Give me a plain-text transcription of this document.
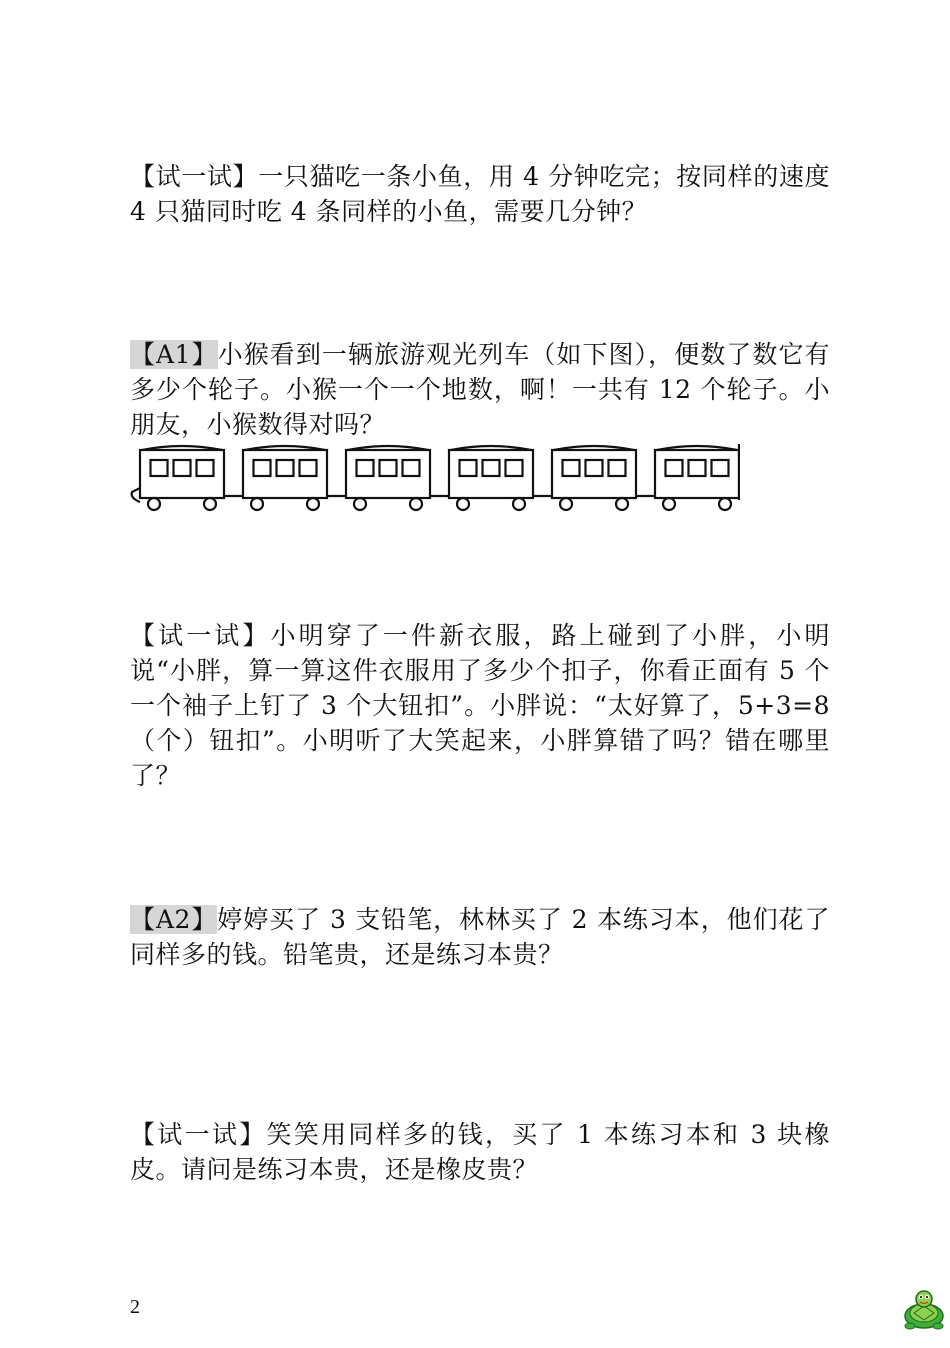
【试一试】一只猫吃一条小鱼，用 4 分钟吃完；按同样的速度 4 只猫同时吃 4 条同样的小鱼，需要几分钟？

【A1】小猴看到一辆旅游观光列车（如下图），便数了数它有多少个轮子。小猴一个一个地数，啊！一共有 12 个轮子。小朋友，小猴数得对吗？

【试一试】小明穿了一件新衣服，路上碰到了小胖，小明说“小胖，算一算这件衣服用了多少个扣子，你看正面有 5 个一个袖子上钉了 3 个大钮扣”。小胖说：“太好算了，5+3=8（个）钮扣”。小明听了大笑起来，小胖算错了吗？错在哪里了？

【A2】婷婷买了 3 支铅笔，林林买了 2 本练习本，他们花了同样多的钱。铅笔贵，还是练习本贵？

【试一试】笑笑用同样多的钱，买了 1 本练习本和 3 块橡皮。请问是练习本贵，还是橡皮贵？

2
